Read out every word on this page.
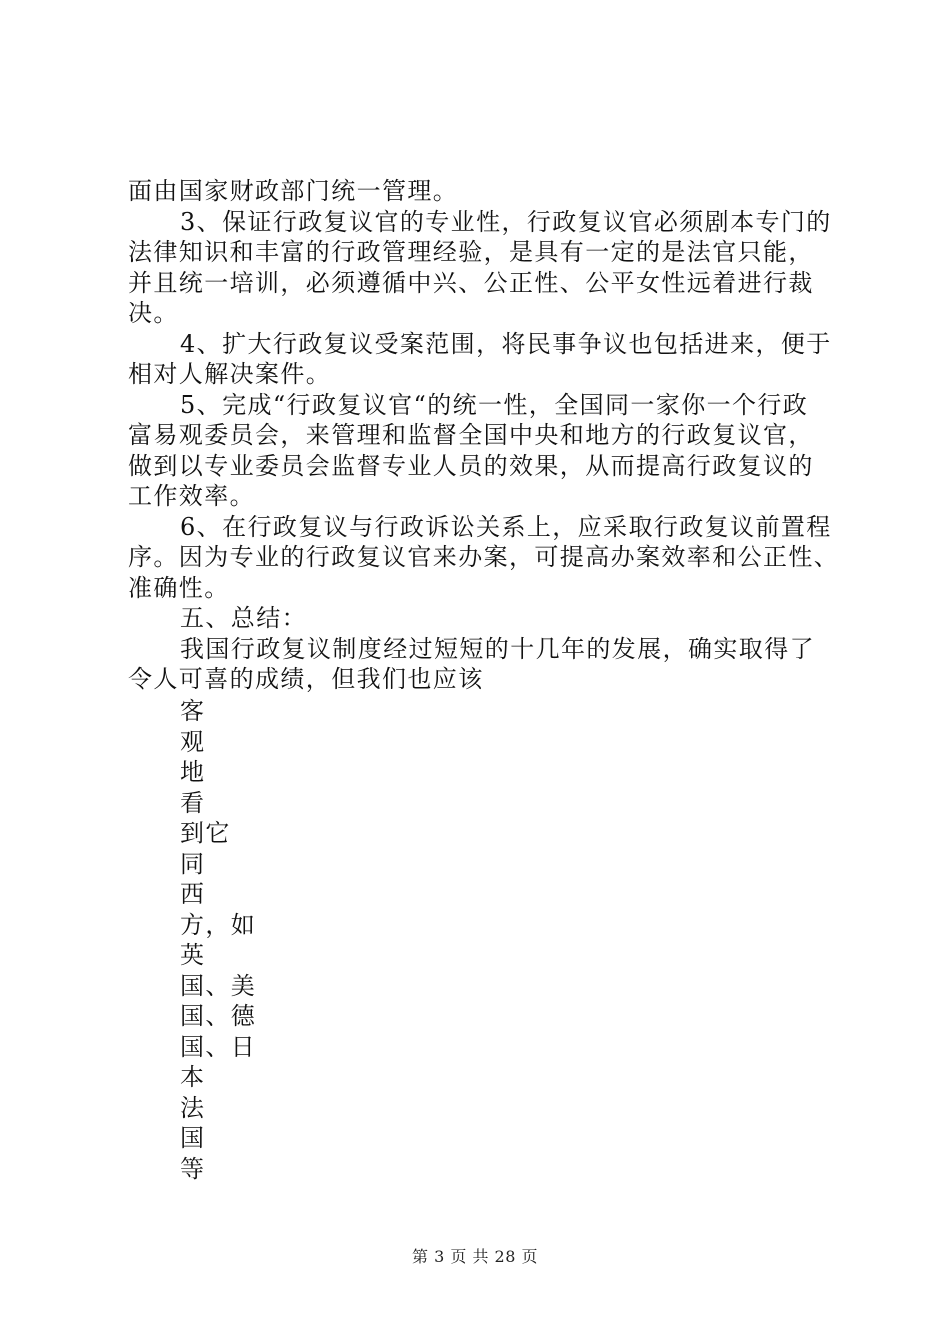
面由国家财政部门统一管理。
3、保证行政复议官的专业性，行政复议官必须剧本专门的
法律知识和丰富的行政管理经验，是具有一定的是法官只能，
并且统一培训，必须遵循中兴、公正性、公平女性远着进行裁
决。
4、扩大行政复议受案范围，将民事争议也包括进来，便于
相对人解决案件。
5、完成“行政复议官“的统一性，全国同一家你一个行政
富易观委员会，来管理和监督全国中央和地方的行政复议官，
做到以专业委员会监督专业人员的效果，从而提高行政复议的
工作效率。
6、在行政复议与行政诉讼关系上，应采取行政复议前置程
序。因为专业的行政复议官来办案，可提高办案效率和公正性、
准确性。
五、总结：
我国行政复议制度经过短短的十几年的发展，确实取得了
令人可喜的成绩，但我们也应该
客
观
地
看
到它
同
西
方，如
英
国、美
国、德
国、日
本
法
国
等
第 3 页 共 28 页
